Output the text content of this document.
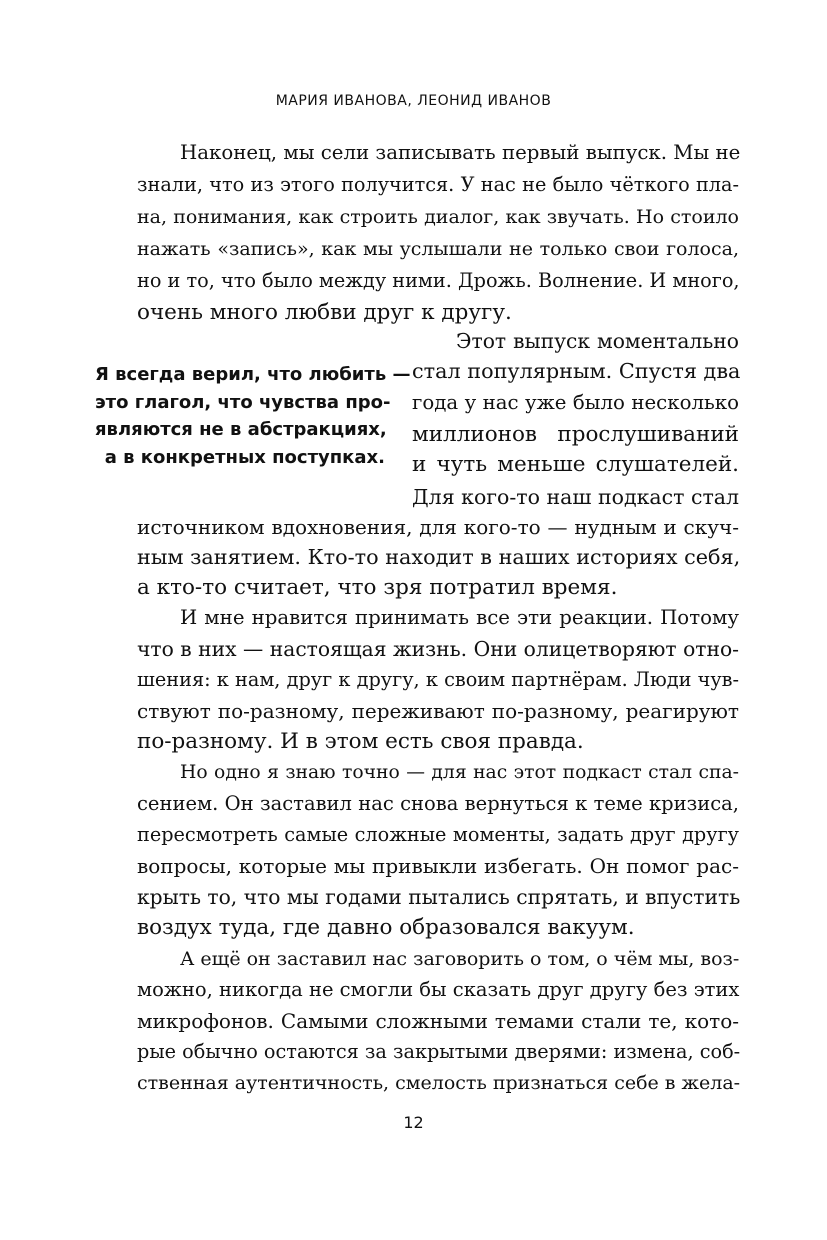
МАРИЯ ИВАНОВА, ЛЕОНИД ИВАНОВ
Я всегда верил, что любить —
это глагол, что чувства про-
являются не в абстракциях,
а в конкретных поступках.
Наконец, мы сели записывать первый выпуск. Мы не
знали, что из этого получится. У нас не было чёткого пла-
на, понимания, как строить диалог, как звучать. Но стоило
нажать «запись», как мы услышали не только свои голоса,
но и то, что было между ними. Дрожь. Волнение. И много,
очень много любви друг к другу.
Этот выпуск моментально
стал популярным. Спустя два
года у нас уже было несколько
миллионов прослушиваний
и чуть меньше слушателей.
Для кого-то наш подкаст стал
источником вдохновения, для кого-то — нудным и скуч-
ным занятием. Кто-то находит в наших историях себя,
а кто-то считает, что зря потратил время.
И мне нравится принимать все эти реакции. Потому
что в них — настоящая жизнь. Они олицетворяют отно-
шения: к нам, друг к другу, к своим партнёрам. Люди чув-
ствуют по-разному, переживают по-разному, реагируют
по-разному. И в этом есть своя правда.
Но одно я знаю точно — для нас этот подкаст стал спа-
сением. Он заставил нас снова вернуться к теме кризиса,
пересмотреть самые сложные моменты, задать друг другу
вопросы, которые мы привыкли избегать. Он помог рас-
крыть то, что мы годами пытались спрятать, и впустить
воздух туда, где давно образовался вакуум.
А ещё он заставил нас заговорить о том, о чём мы, воз-
можно, никогда не смогли бы сказать друг другу без этих
микрофонов. Самыми сложными темами стали те, кото-
рые обычно остаются за закрытыми дверями: измена, соб-
ственная аутентичность, смелость признаться себе в жела-
12
